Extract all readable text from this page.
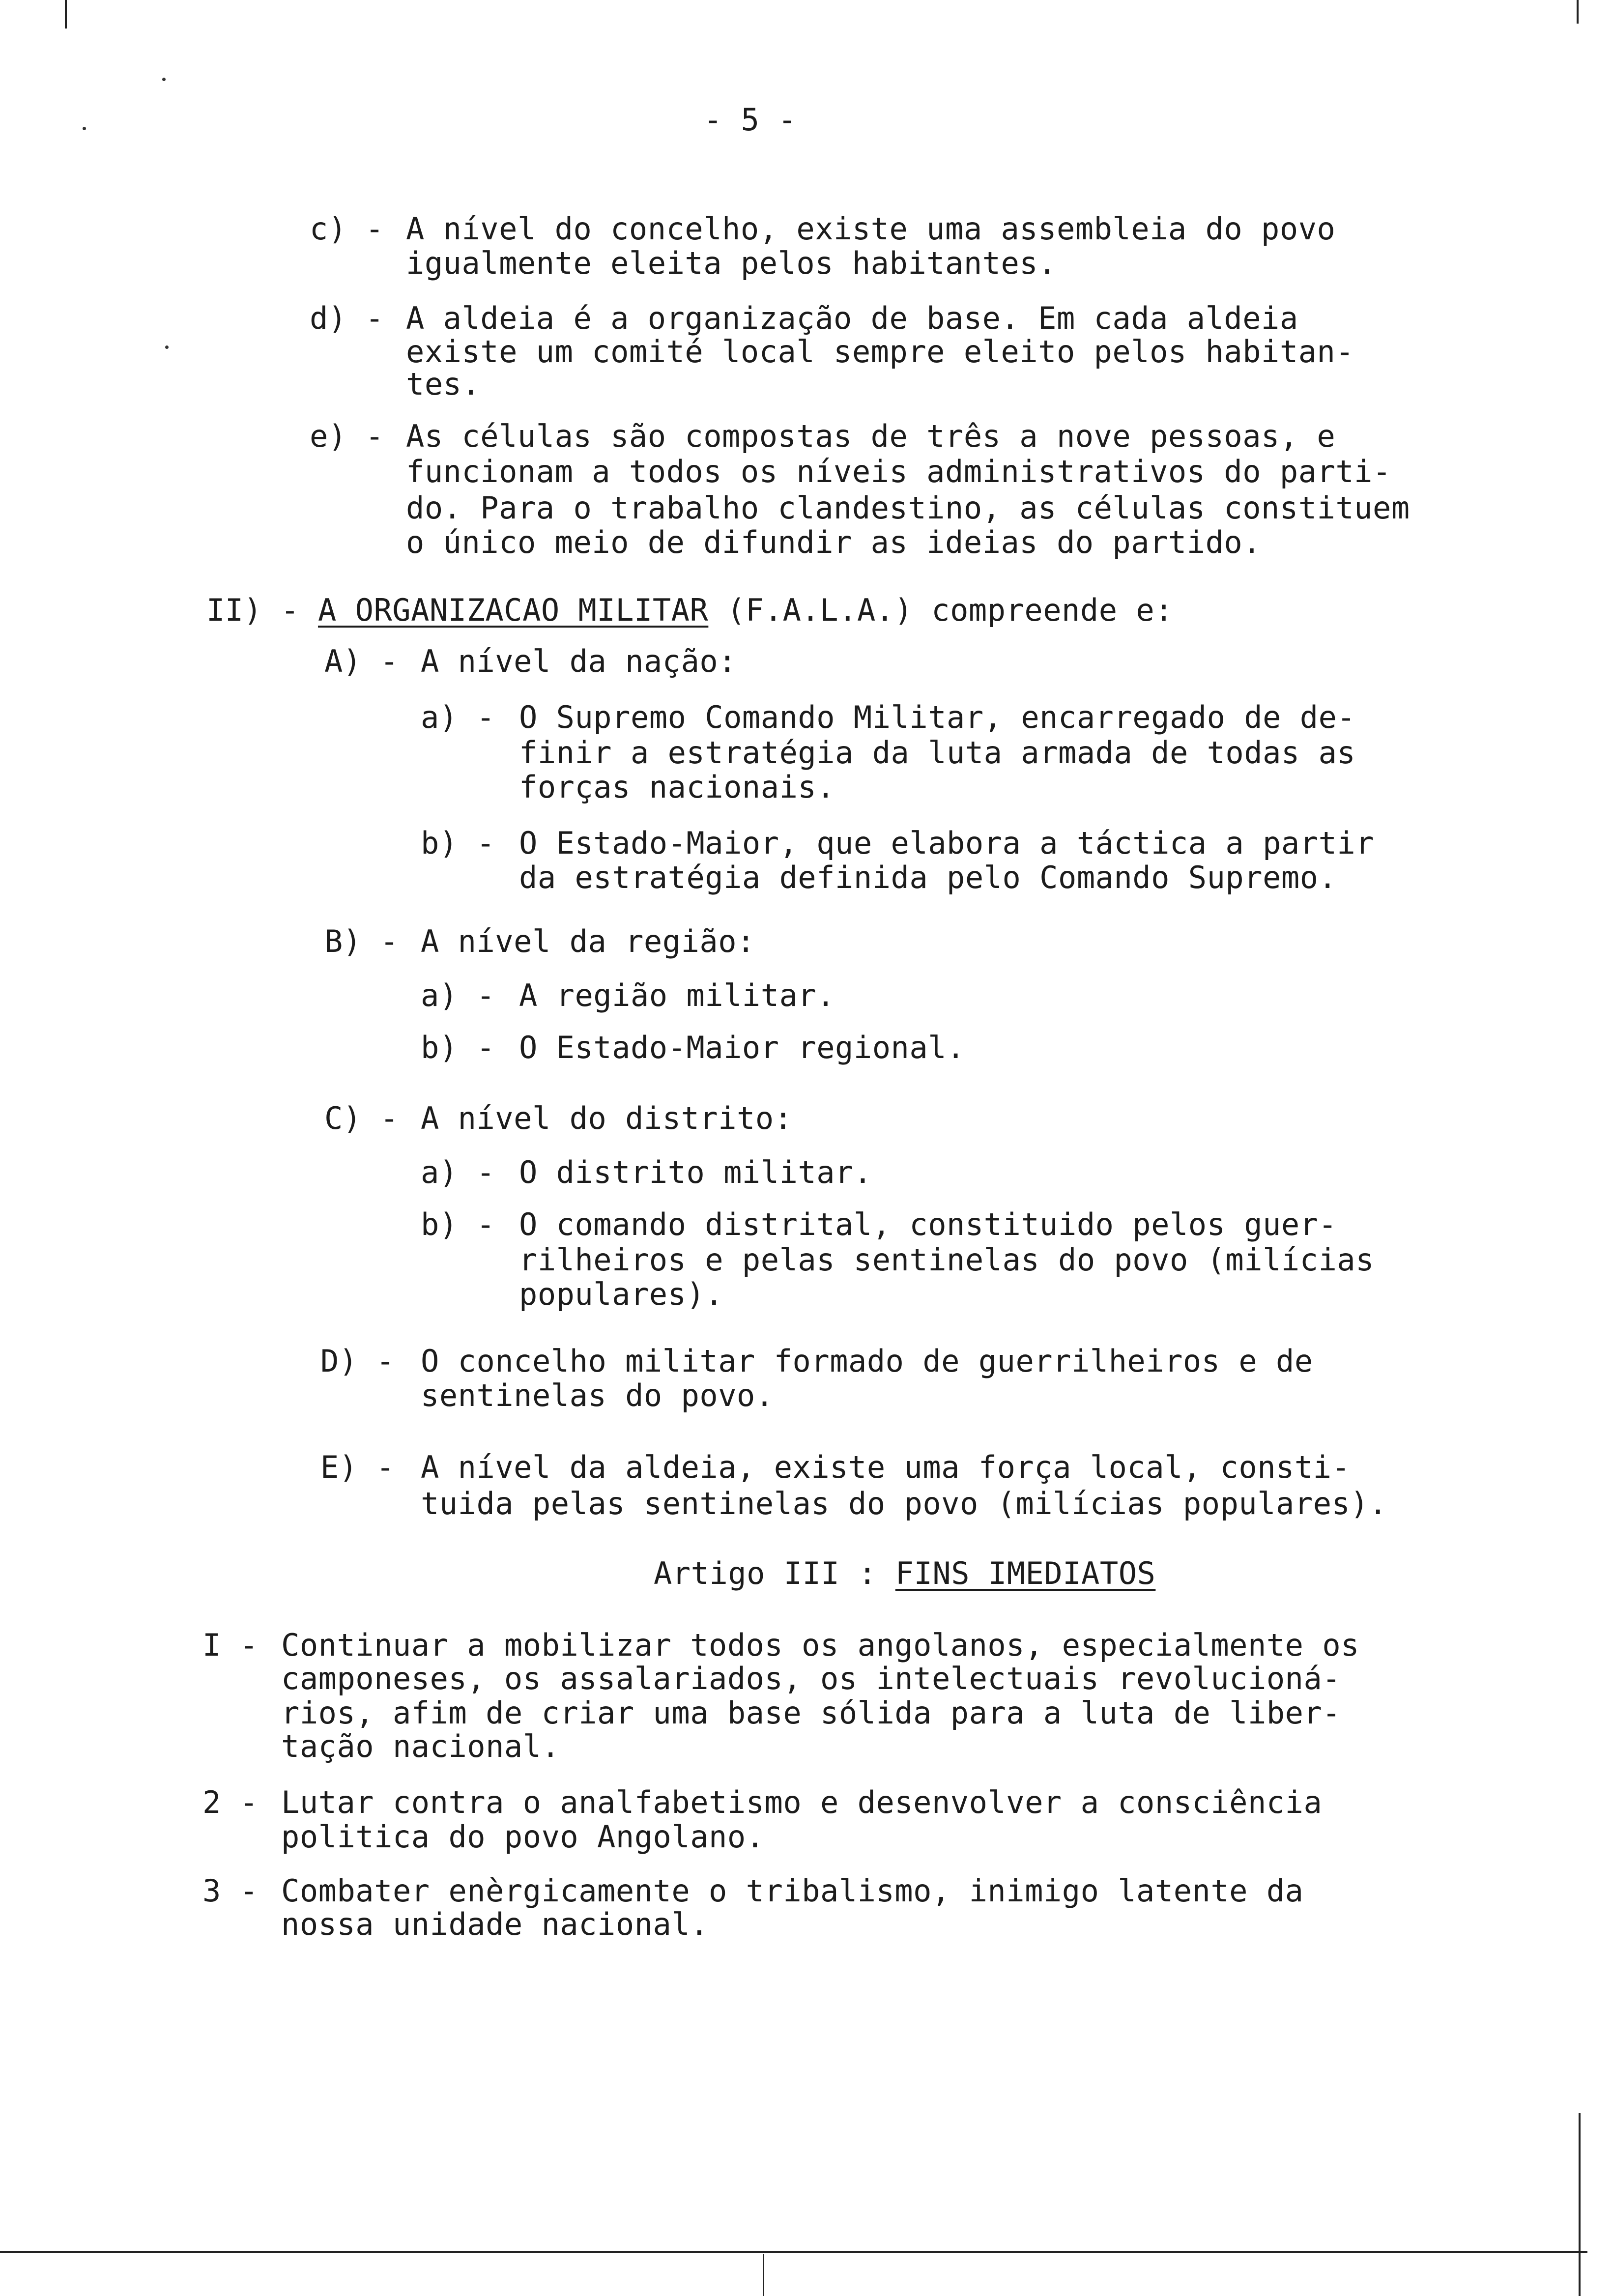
- 5 -
c) - A nível do concelho, existe uma assembleia do povo
igualmente eleita pelos habitantes.
d) - A aldeia é a organização de base. Em cada aldeia
existe um comité local sempre eleito pelos habitan-
tes.
e) - As células são compostas de três a nove pessoas, e
funcionam a todos os níveis administrativos do parti-
do. Para o trabalho clandestino, as células constituem
o único meio de difundir as ideias do partido.
II) - A ORGANIZACAO MILITAR (F.A.L.A.) compreende e:
A) - A nível da nação:
a) - O Supremo Comando Militar, encarregado de de-
finir a estratégia da luta armada de todas as
forças nacionais.
b) - O Estado-Maior, que elabora a táctica a partir
da estratégia definida pelo Comando Supremo.
B) - A nível da região:
a) - A região militar.
b) - O Estado-Maior regional.
C) - A nível do distrito:
a) - O distrito militar.
b) - O comando distrital, constituido pelos guer-
rilheiros e pelas sentinelas do povo (milícias
populares).
D) - O concelho militar formado de guerrilheiros e de
sentinelas do povo.
E) - A nível da aldeia, existe uma força local, consti-
tuida pelas sentinelas do povo (milícias populares).
Artigo III : FINS IMEDIATOS
I - Continuar a mobilizar todos os angolanos, especialmente os
camponeses, os assalariados, os intelectuais revolucioná-
rios, afim de criar uma base sólida para a luta de liber-
tação nacional.
2 - Lutar contra o analfabetismo e desenvolver a consciência
politica do povo Angolano.
3 - Combater enèrgicamente o tribalismo, inimigo latente da
nossa unidade nacional.
